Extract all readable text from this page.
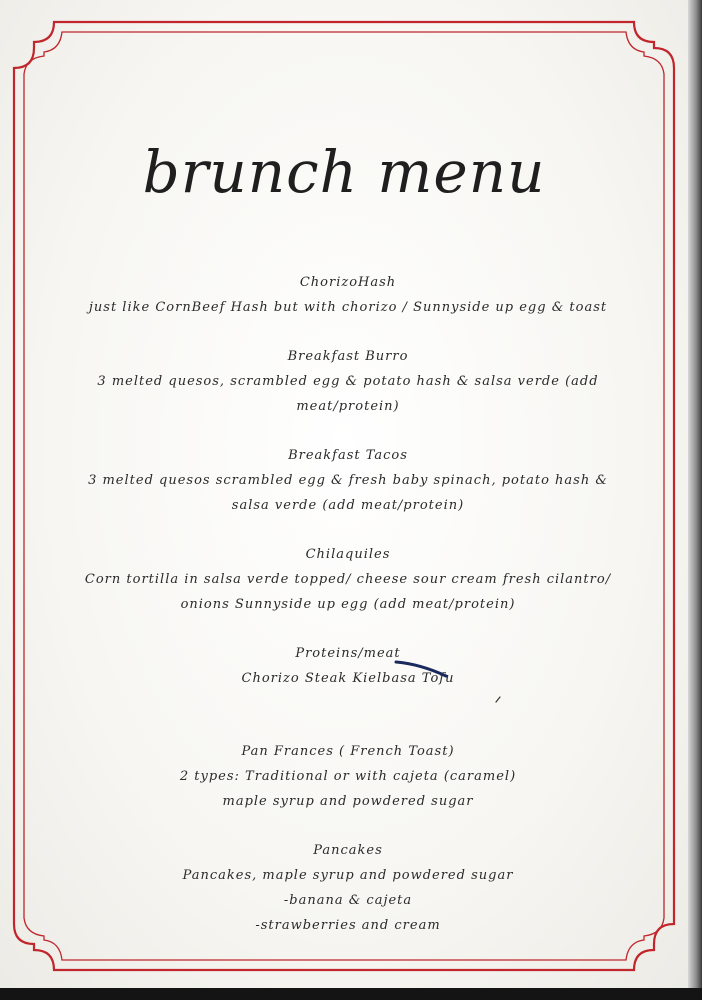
brunch menu
ChorizoHash
just like CornBeef Hash but with chorizo / Sunnyside up egg & toast
Breakfast Burro
3 melted quesos, scrambled egg & potato hash & salsa verde (add
meat/protein)
Breakfast Tacos
3 melted quesos scrambled egg & fresh baby spinach, potato hash &
salsa verde (add meat/protein)
Chilaquiles
Corn tortilla in salsa verde topped/ cheese sour cream fresh cilantro/
onions Sunnyside up egg (add meat/protein)
Proteins/meat
Chorizo Steak Kielbasa Tofu
Pan Frances ( French Toast)
2 types: Traditional or with cajeta (caramel)
maple syrup and powdered sugar
Pancakes
Pancakes, maple syrup and powdered sugar
-banana & cajeta
-strawberries and cream
